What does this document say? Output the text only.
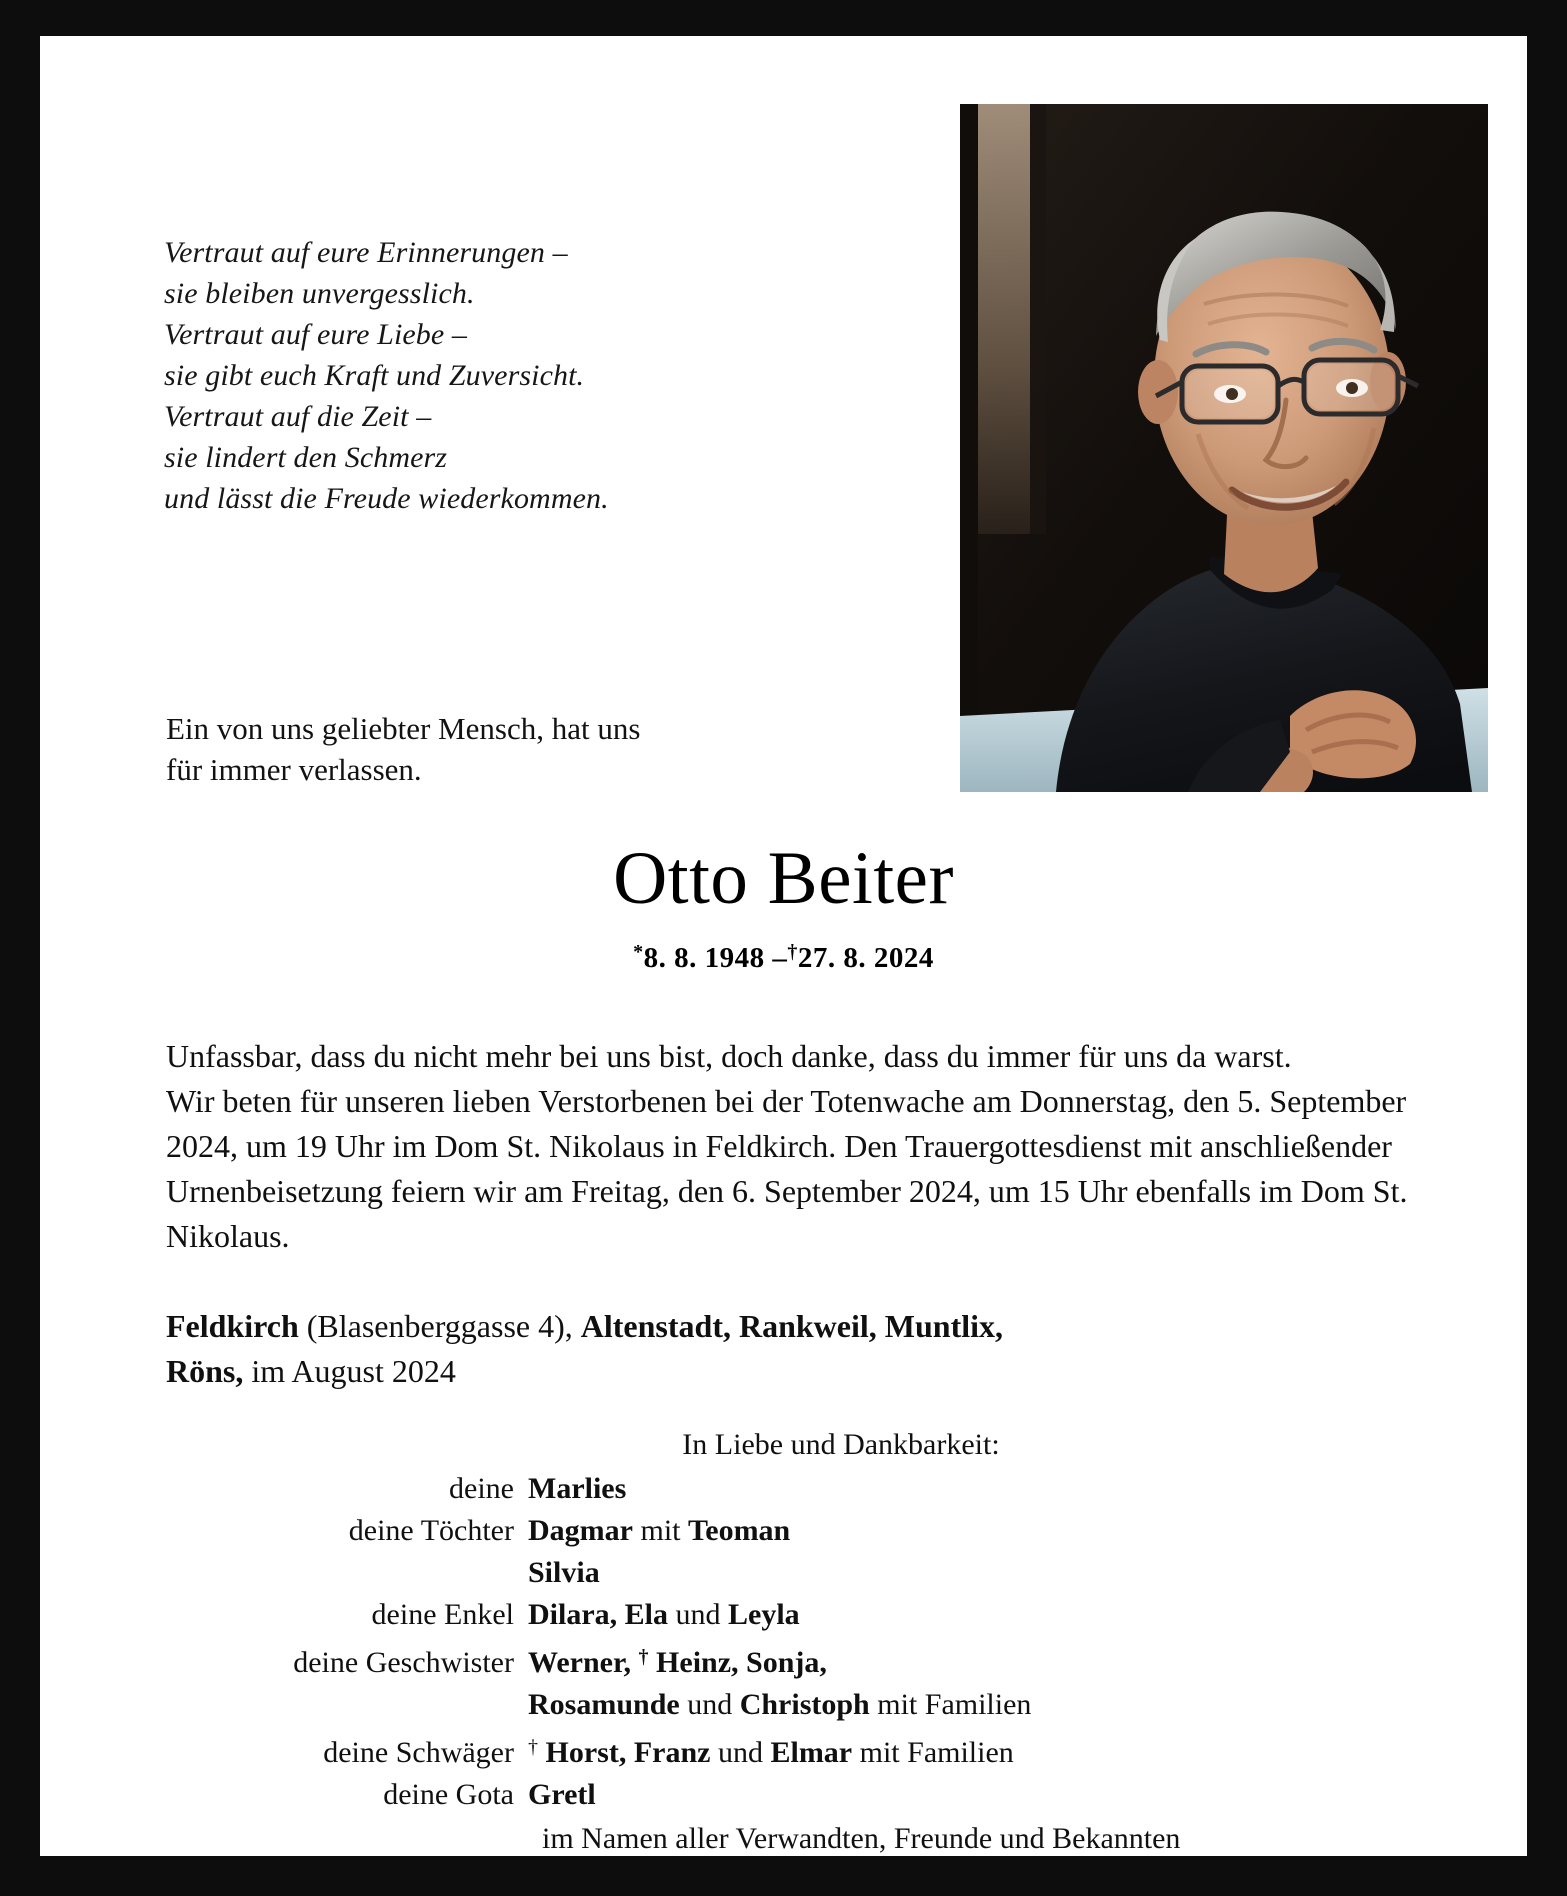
Vertraut auf eure Erinnerungen –
sie bleiben unvergesslich.
Vertraut auf eure Liebe –
sie gibt euch Kraft und Zuversicht.
Vertraut auf die Zeit –
sie lindert den Schmerz
und lässt die Freude wiederkommen.
Ein von uns geliebter Mensch, hat uns
für immer verlassen.
Otto Beiter
*8. 8. 1948 –†27. 8. 2024

Unfassbar, dass du nicht mehr bei uns bist, doch danke, dass du immer für uns da warst.

Wir beten für unseren lieben Verstorbenen bei der Totenwache am Donnerstag, den 5. September 2024, um 19 Uhr im Dom St. Nikolaus in Feldkirch. Den Trauergottesdienst mit anschließender Urnenbeisetzung feiern wir am Freitag, den 6. September 2024, um 15 Uhr ebenfalls im Dom St. Nikolaus.

Feldkirch (Blasenberggasse 4), Altenstadt, Rankweil, Muntlix,
Röns, im August 2024
In Liebe und Dankbarkeit:
deine Marlies
deine Töchter Dagmar mit Teoman
Silvia
deine Enkel Dilara, Ela und Leyla
deine Geschwister Werner, † Heinz, Sonja,
Rosamunde und Christoph mit Familien
deine Schwäger † Horst, Franz und Elmar mit Familien
deine Gota Gretl
im Namen aller Verwandten, Freunde und Bekannten
